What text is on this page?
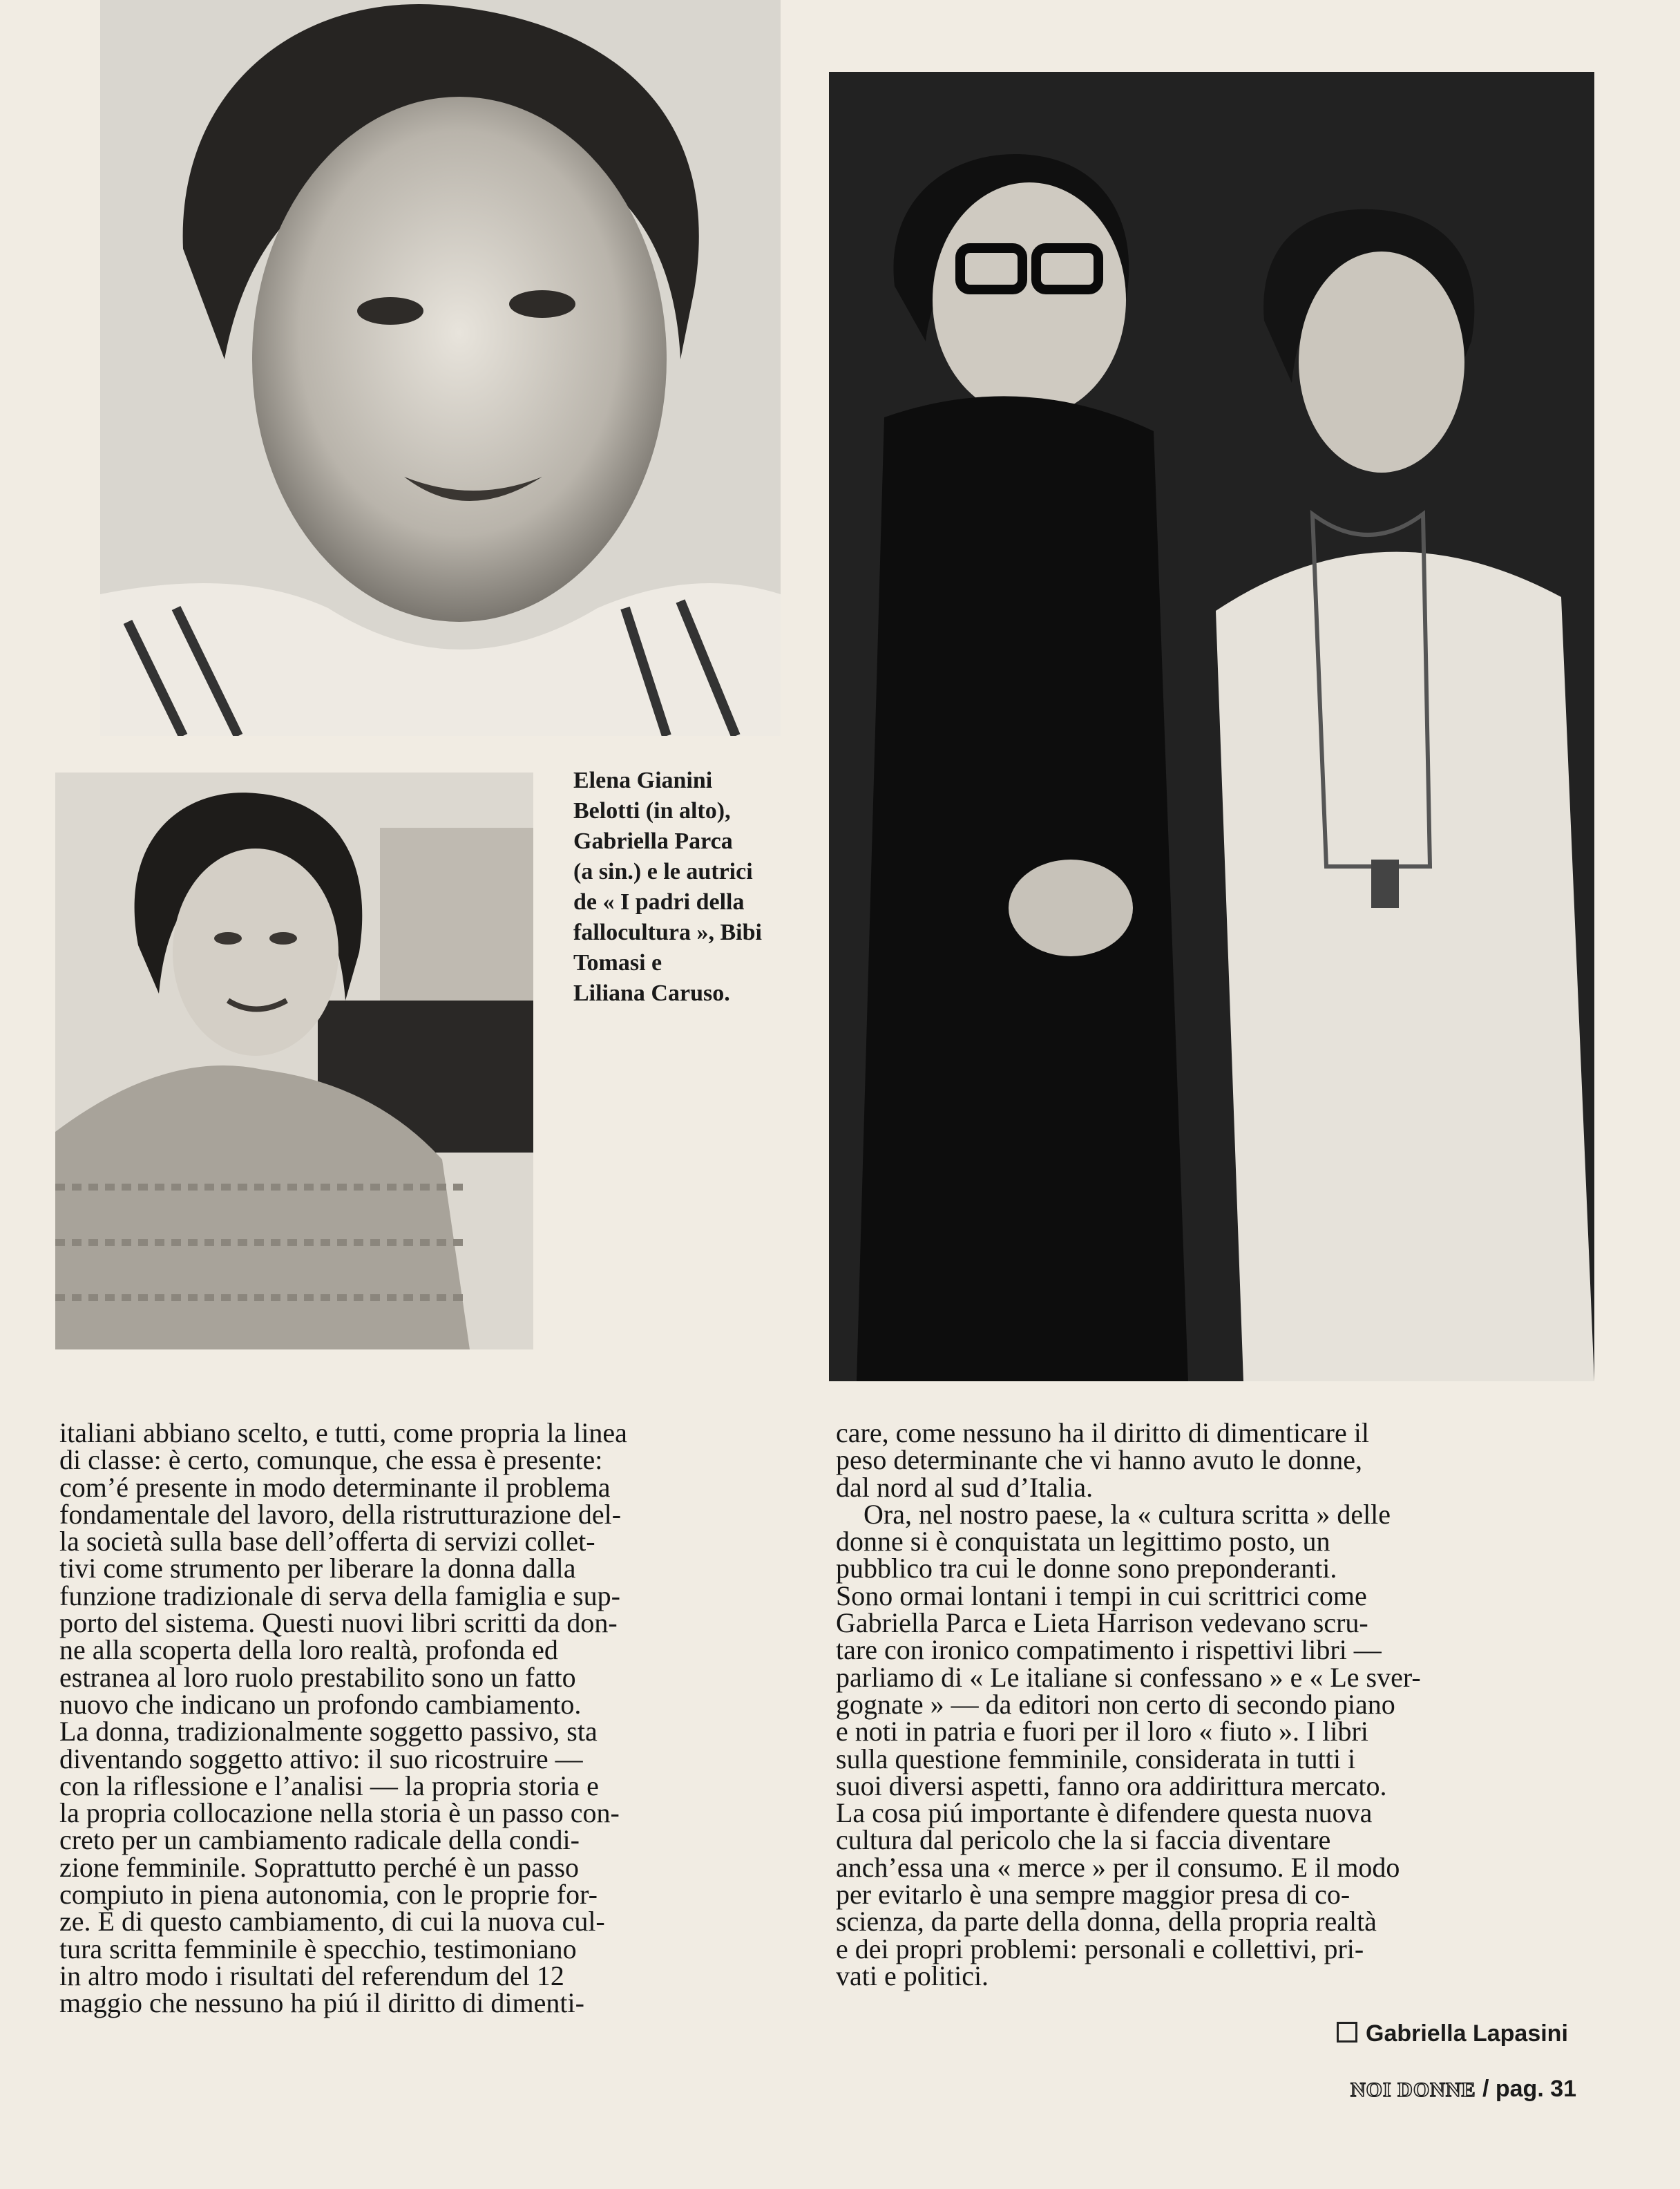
Elena Gianini
Belotti (in alto),
Gabriella Parca
(a sin.) e le autrici
de « I padri della
fallocultura », Bibi
Tomasi e
Liliana Caruso.
italiani abbiano scelto, e tutti, come propria la linea
di classe: è certo, comunque, che essa è presente:
com’é presente in modo determinante il problema
fondamentale del lavoro, della ristrutturazione del-
la società sulla base dell’offerta di servizi collet-
tivi come strumento per liberare la donna dalla
funzione tradizionale di serva della famiglia e sup-
porto del sistema. Questi nuovi libri scritti da don-
ne alla scoperta della loro realtà, profonda ed
estranea al loro ruolo prestabilito sono un fatto
nuovo che indicano un profondo cambiamento.
La donna, tradizionalmente soggetto passivo, sta
diventando soggetto attivo: il suo ricostruire —
con la riflessione e l’analisi — la propria storia e
la propria collocazione nella storia è un passo con-
creto per un cambiamento radicale della condi-
zione femminile. Soprattutto perché è un passo
compiuto in piena autonomia, con le proprie for-
ze. È di questo cambiamento, di cui la nuova cul-
tura scritta femminile è specchio, testimoniano
in altro modo i risultati del referendum del 12
maggio che nessuno ha piú il diritto di dimenti-
care, come nessuno ha il diritto di dimenticare il
peso determinante che vi hanno avuto le donne,
dal nord al sud d’Italia.
Ora, nel nostro paese, la « cultura scritta » delle
donne si è conquistata un legittimo posto, un
pubblico tra cui le donne sono preponderanti.
Sono ormai lontani i tempi in cui scrittrici come
Gabriella Parca e Lieta Harrison vedevano scru-
tare con ironico compatimento i rispettivi libri —
parliamo di « Le italiane si confessano » e « Le sver-
gognate » — da editori non certo di secondo piano
e noti in patria e fuori per il loro « fiuto ». I libri
sulla questione femminile, considerata in tutti i
suoi diversi aspetti, fanno ora addirittura mercato.
La cosa piú importante è difendere questa nuova
cultura dal pericolo che la si faccia diventare
anch’essa una « merce » per il consumo. E il modo
per evitarlo è una sempre maggior presa di co-
scienza, da parte della donna, della propria realtà
e dei propri problemi: personali e collettivi, pri-
vati e politici.
Gabriella Lapasini
NOI DONNE / pag. 31
